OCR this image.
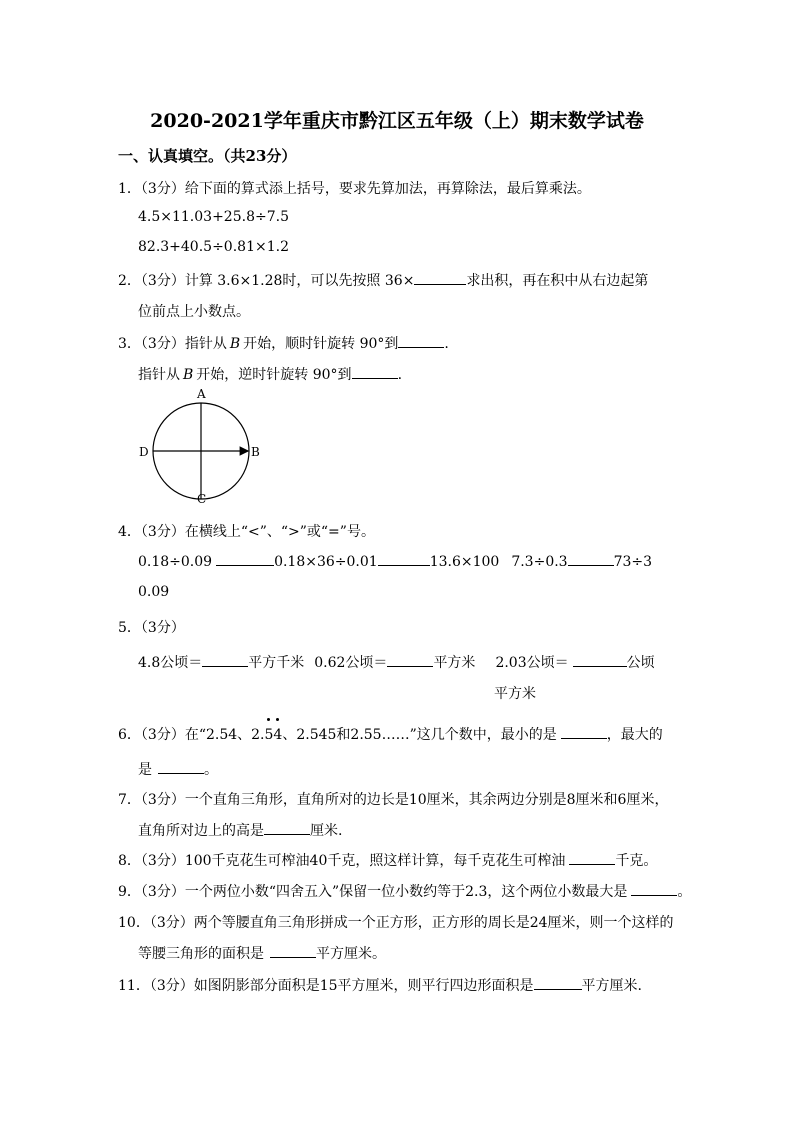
2020-2021学年重庆市黔江区五年级（上）期末数学试卷
一、认真填空。（共23分）
1．（3分）给下面的算式添上括号，要求先算加法，再算除法，最后算乘法。
4.5×11.03+25.8÷7.5
82.3+40.5÷0.81×1.2
2．（3分）计算 3.6×1.28时，可以先按照 36×	求出积，再在积中从右边起第
位前点上小数点。
3．（3分）指针从 B 开始，顺时针旋转 90°到	.
指针从 B 开始，逆时针旋转 90°到	.
A
B
C
D
4．（3分）在横线上“<”、“>”或“=”号。
0.18÷0.09	0.18×36÷0.01	13.6×100 7.3÷0.3	73÷3
0.09
5．（3分）
4.8公顷＝	平方千米 0.62公顷＝	平方米 2.03公顷＝	公顷
平方米
6．（3分）在“2.54、2.
54、2.545和2.55……”这几个数中，最小的是	，最大的
是	。
7．（3分）一个直角三角形，直角所对的边长是10厘米，其余两边分别是8厘米和6厘米，
直角所对边上的高是	厘米.
8．（3分）100千克花生可榨油40千克，照这样计算，每千克花生可榨油	千克。
9．（3分）一个两位小数“四舍五入”保留一位小数约等于2.3，这个两位小数最大是	。
10．（3分）两个等腰直角三角形拼成一个正方形，正方形的周长是24厘米，则一个这样的
等腰三角形的面积是	平方厘米。
11．（3分）如图阴影部分面积是15平方厘米，则平行四边形面积是	平方厘米.
